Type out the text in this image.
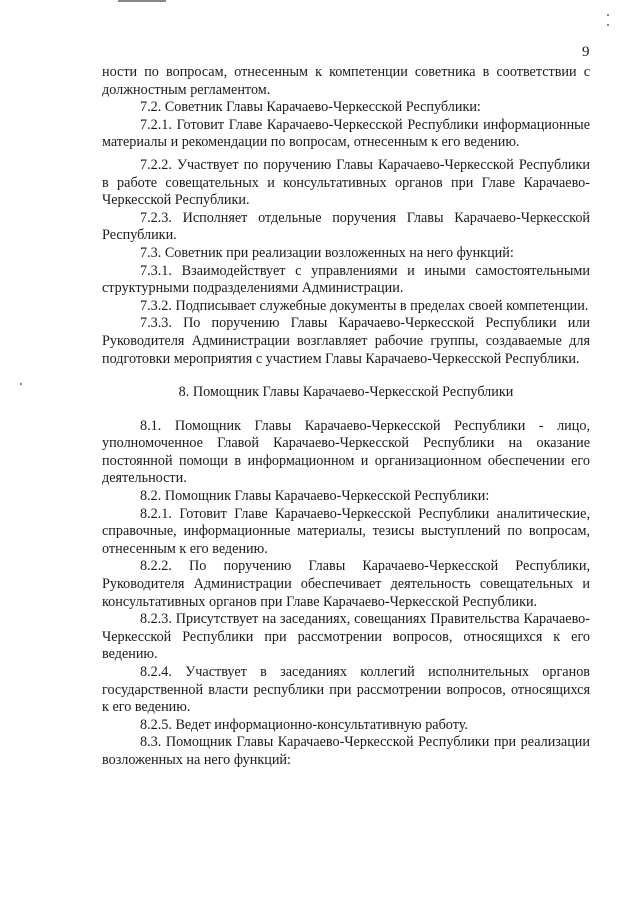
9

ности по вопросам, отнесенным к компетенции советника в соответствии с должностным регламентом.

7.2. Советник Главы Карачаево-Черкесской Республики:

7.2.1. Готовит Главе Карачаево-Черкесской Республики информационные материалы и рекомендации по вопросам, отнесенным к его ведению.

7.2.2. Участвует по поручению Главы Карачаево-Черкесской Республики в работе совещательных и консультативных органов при Главе Карачаево-Черкесской Республики.

7.2.3. Исполняет отдельные поручения Главы Карачаево-Черкесской Республики.

7.3. Советник при реализации возложенных на него функций:

7.3.1. Взаимодействует с управлениями и иными самостоятельными структурными подразделениями Администрации.

7.3.2. Подписывает служебные документы в пределах своей компетенции.

7.3.3. По поручению Главы Карачаево-Черкесской Республики или Руководителя Администрации возглавляет рабочие группы, создаваемые для подготовки мероприятия с участием Главы Карачаево-Черкесской Республики.

8. Помощник Главы Карачаево-Черкесской Республики

8.1. Помощник Главы Карачаево-Черкесской Республики - лицо, уполномоченное Главой Карачаево-Черкесской Республики на оказание постоянной помощи в информационном и организационном обеспечении его деятельности.

8.2. Помощник Главы Карачаево-Черкесской Республики:

8.2.1. Готовит Главе Карачаево-Черкесской Республики аналитические, справочные, информационные материалы, тезисы выступлений по вопросам, отнесенным к его ведению.

8.2.2. По поручению Главы Карачаево-Черкесской Республики, Руководителя Администрации обеспечивает деятельность совещательных и консультативных органов при Главе Карачаево-Черкесской Республики.

8.2.3. Присутствует на заседаниях, совещаниях Правительства Карачаево-Черкесской Республики при рассмотрении вопросов, относящихся к его ведению.

8.2.4. Участвует в заседаниях коллегий исполнительных органов государственной власти республики при рассмотрении вопросов, относящихся к его ведению.

8.2.5. Ведет информационно-консультативную работу.

8.3. Помощник Главы Карачаево-Черкесской Республики при реализации возложенных на него функций:
